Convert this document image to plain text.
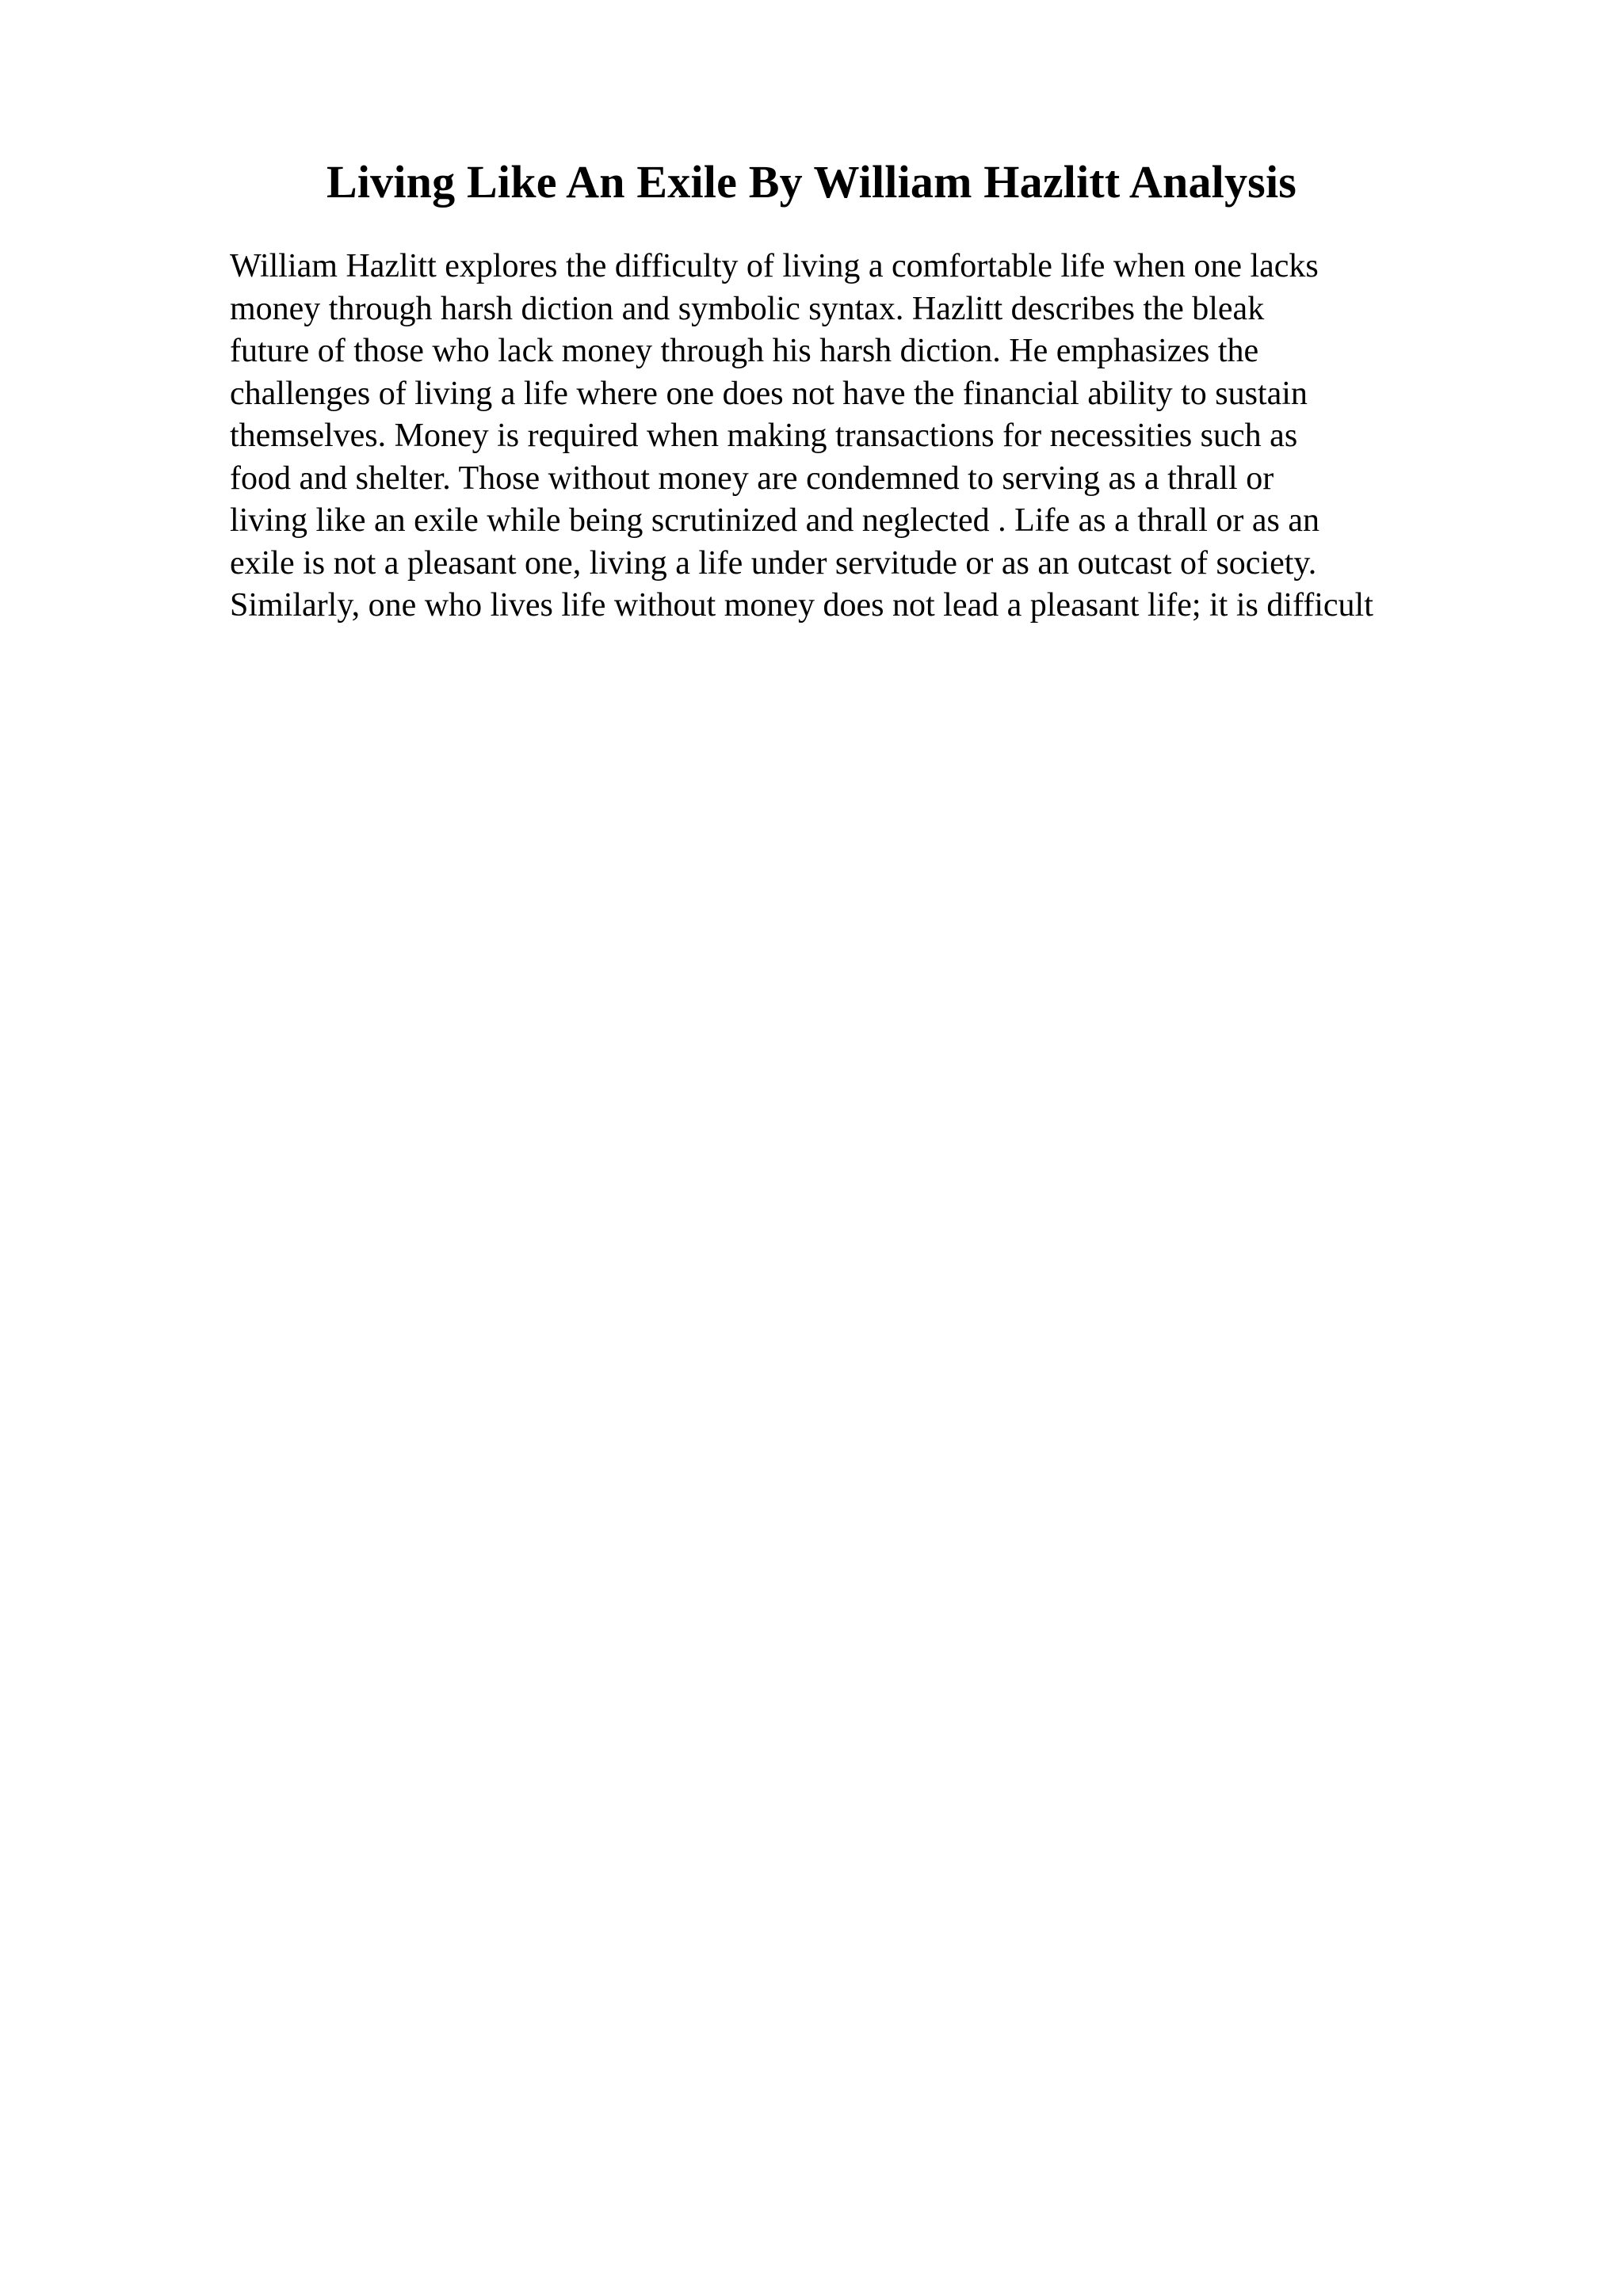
Living Like An Exile By William Hazlitt Analysis
William Hazlitt explores the difficulty of living a comfortable life when one lacks
money through harsh diction and symbolic syntax. Hazlitt describes the bleak
future of those who lack money through his harsh diction. He emphasizes the
challenges of living a life where one does not have the financial ability to sustain
themselves. Money is required when making transactions for necessities such as
food and shelter. Those without money are condemned to serving as a thrall or
living like an exile while being scrutinized and neglected . Life as a thrall or as an
exile is not a pleasant one, living a life under servitude or as an outcast of society.
Similarly, one who lives life without money does not lead a pleasant life; it is difficult
